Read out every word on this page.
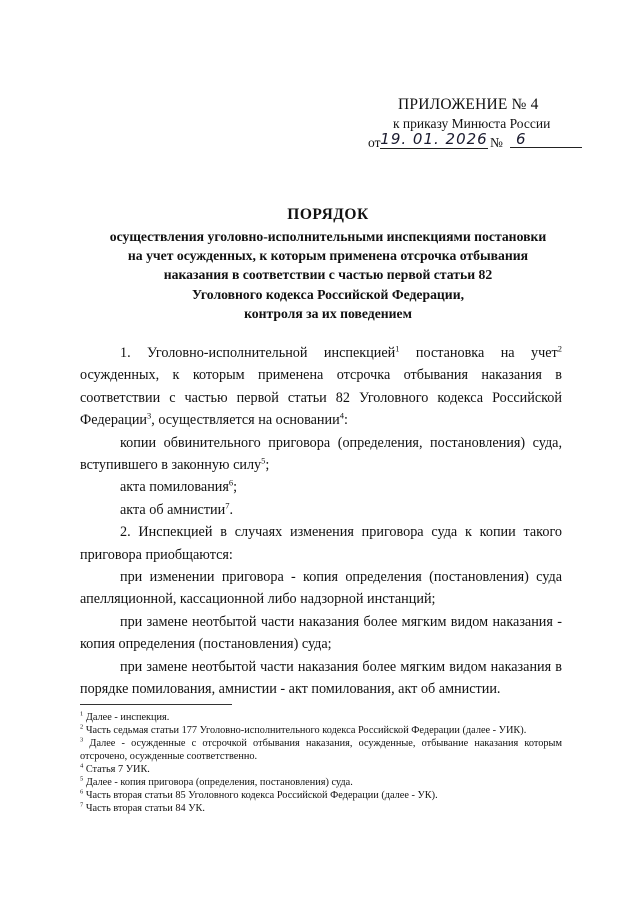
ПРИЛОЖЕНИЕ № 4
к приказу Минюста России
от 19. 01. 2026 № 6
ПОРЯДОК
осуществления уголовно-исполнительными инспекциями постановки
на учет осужденных, к которым применена отсрочка отбывания
наказания в соответствии с частью первой статьи 82
Уголовного кодекса Российской Федерации,
контроля за их поведением

1. Уголовно-исполнительной инспекцией$^1$ постановка на учет$^2$ осужденных, к которым применена отсрочка отбывания наказания в соответствии с частью первой статьи 82 Уголовного кодекса Российской Федерации$^3$, осуществляется на основании$^4$:

копии обвинительного приговора (определения, постановления) суда, вступившего в законную силу$^5$;

акта помилования$^6$;

акта об амнистии$^7$.

2. Инспекцией в случаях изменения приговора суда к копии такого приговора приобщаются:

при изменении приговора - копия определения (постановления) суда апелляционной, кассационной либо надзорной инстанций;

при замене неотбытой части наказания более мягким видом наказания - копия определения (постановления) суда;

при замене неотбытой части наказания более мягким видом наказания в порядке помилования, амнистии - акт помилования, акт об амнистии.

$^1$ Далее - инспекция.

$^2$ Часть седьмая статьи 177 Уголовно-исполнительного кодекса Российской Федерации (далее - УИК).

$^3$ Далее - осужденные с отсрочкой отбывания наказания, осужденные, отбывание наказания которым отсрочено, осужденные соответственно.

$^4$ Статья 7 УИК.

$^5$ Далее - копия приговора (определения, постановления) суда.

$^6$ Часть вторая статьи 85 Уголовного кодекса Российской Федерации (далее - УК).

$^7$ Часть вторая статьи 84 УК.
